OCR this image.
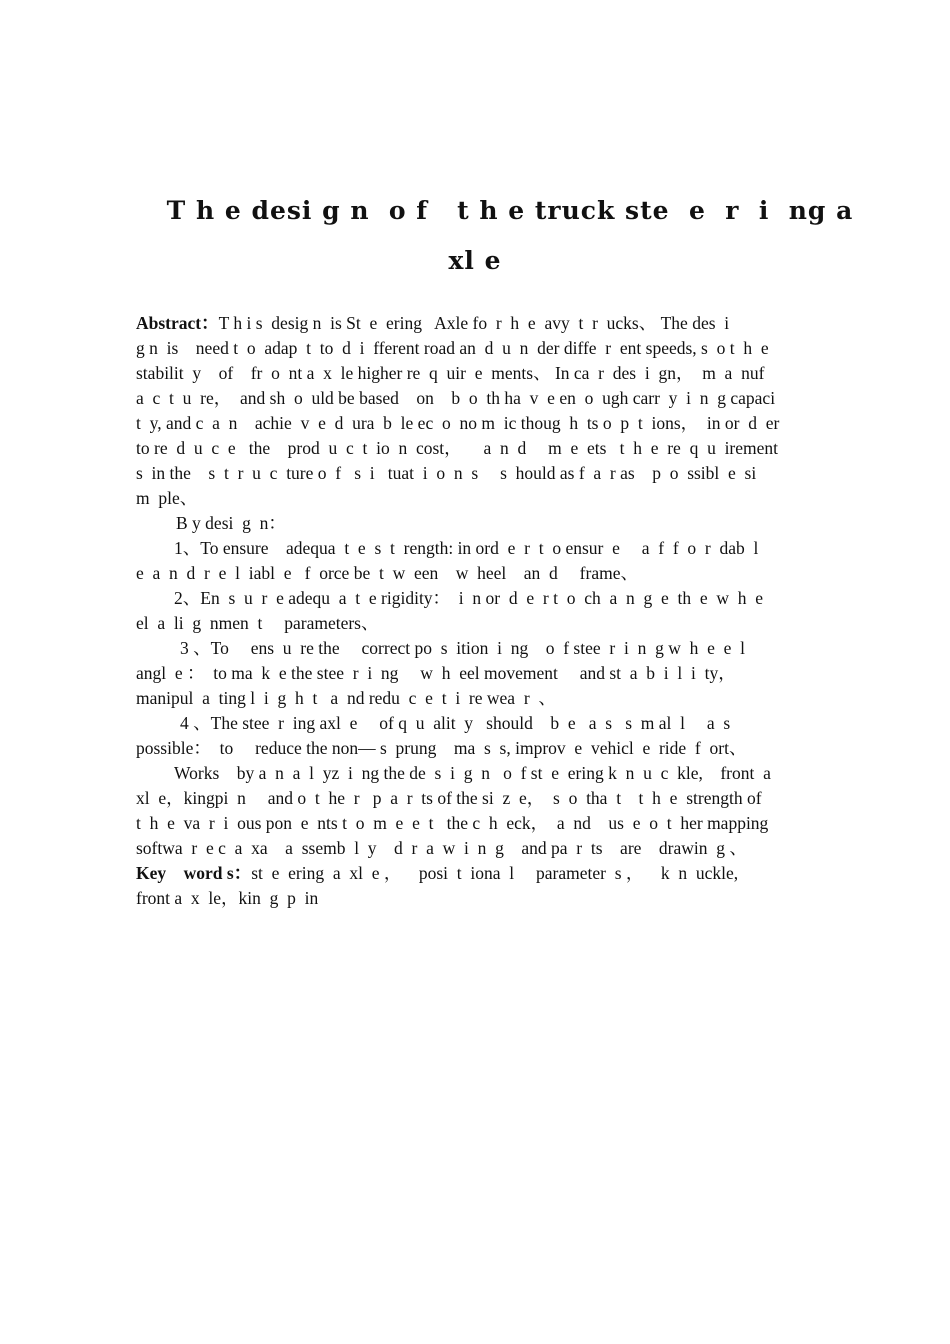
T h e desi g n  o f   t h e truck ste  e  r  i  ng a
xl e
Abstract：T h i s  desig n  is St  e  ering   Axle fo  r  h  e  avy  t  r  ucks、 The des  i
g n  is    need t  o  adap  t  to  d  i  fferent road an  d  u  n  der diffe  r  ent speeds, s  o t  h  e
stabilit  y    of    fr  o  nt a  x  le higher re  q  uir  e  ments、 In ca  r  des  i  gn，  m  a  nuf
a  c  t  u  re，  and sh  o  uld be based    on    b  o  th ha  v  e en  o  ugh carr  y  i  n  g capaci
t  y, and c  a  n    achie  v  e  d  ura  b  le ec  o  no m  ic thoug  h  ts o  p  t  ions，  in or  d  er
to re  d  u  c  e   the    prod  u  c  t  io  n  cost，     a  n  d     m  e  ets   t  h  e  re  q  u  irement
s  in the    s  t  r  u  c  ture o  f   s  i   tuat  i  o  n  s     s  hould as f  a  r as    p  o  ssibl  e  si
m  ple、
B y desi  g  n：
1、To ensure    adequa  t  e  s  t  rength: in ord  e  r  t  o ensur  e     a  f  f  o  r  dab  l
e  a  n  d  r  e  l  iabl  e   f  orce be  t  w  een    w  heel    an  d     frame、
2、En  s  u  r  e adequ  a  t  e rigidity：  i  n or  d  e  r t  o  ch  a  n  g  e  th  e  w  h  e
el  a  li  g  nmen  t     parameters、
3 、To     ens  u  re the     correct po  s  ition  i  ng    o  f stee  r  i  n  g w  h  e  e  l
angl  e ：  to ma  k  e the stee  r  i  ng     w  h  eel movement     and st  a  b  i  l  i  ty，
manipul  a  ting l  i  g  h  t   a  nd redu  c  e  t  i  re wea  r  、
4 、The stee  r  ing axl  e     of q  u  alit  y   should    b  e   a  s   s  m al  l     a  s
possible：  to     reduce the non— s  prung    ma  s  s, improv  e  vehicl  e  ride  f  ort、
Works    by a  n  a  l  yz  i  ng the de  s  i  g  n   o  f st  e  ering k  n  u  c  kle,    front  a
xl  e，kingpi  n     and o  t  he  r   p  a  r  ts of the si  z  e，  s  o  tha  t    t  h  e  strength of
t  h  e  va  r  i  ous pon  e  nts t  o  m  e  e  t   the c  h  eck，  a  nd    us  e  o  t  her mapping
softwa  r  e c  a  xa    a  ssemb  l  y    d  r  a  w  i  n  g    and pa  r  ts    are    drawin  g 、
Key    word s：st  e  ering  a  xl  e ，    posi  t  iona  l     parameter  s ，    k  n  uckle,
front a  x  le，kin  g  p  in
